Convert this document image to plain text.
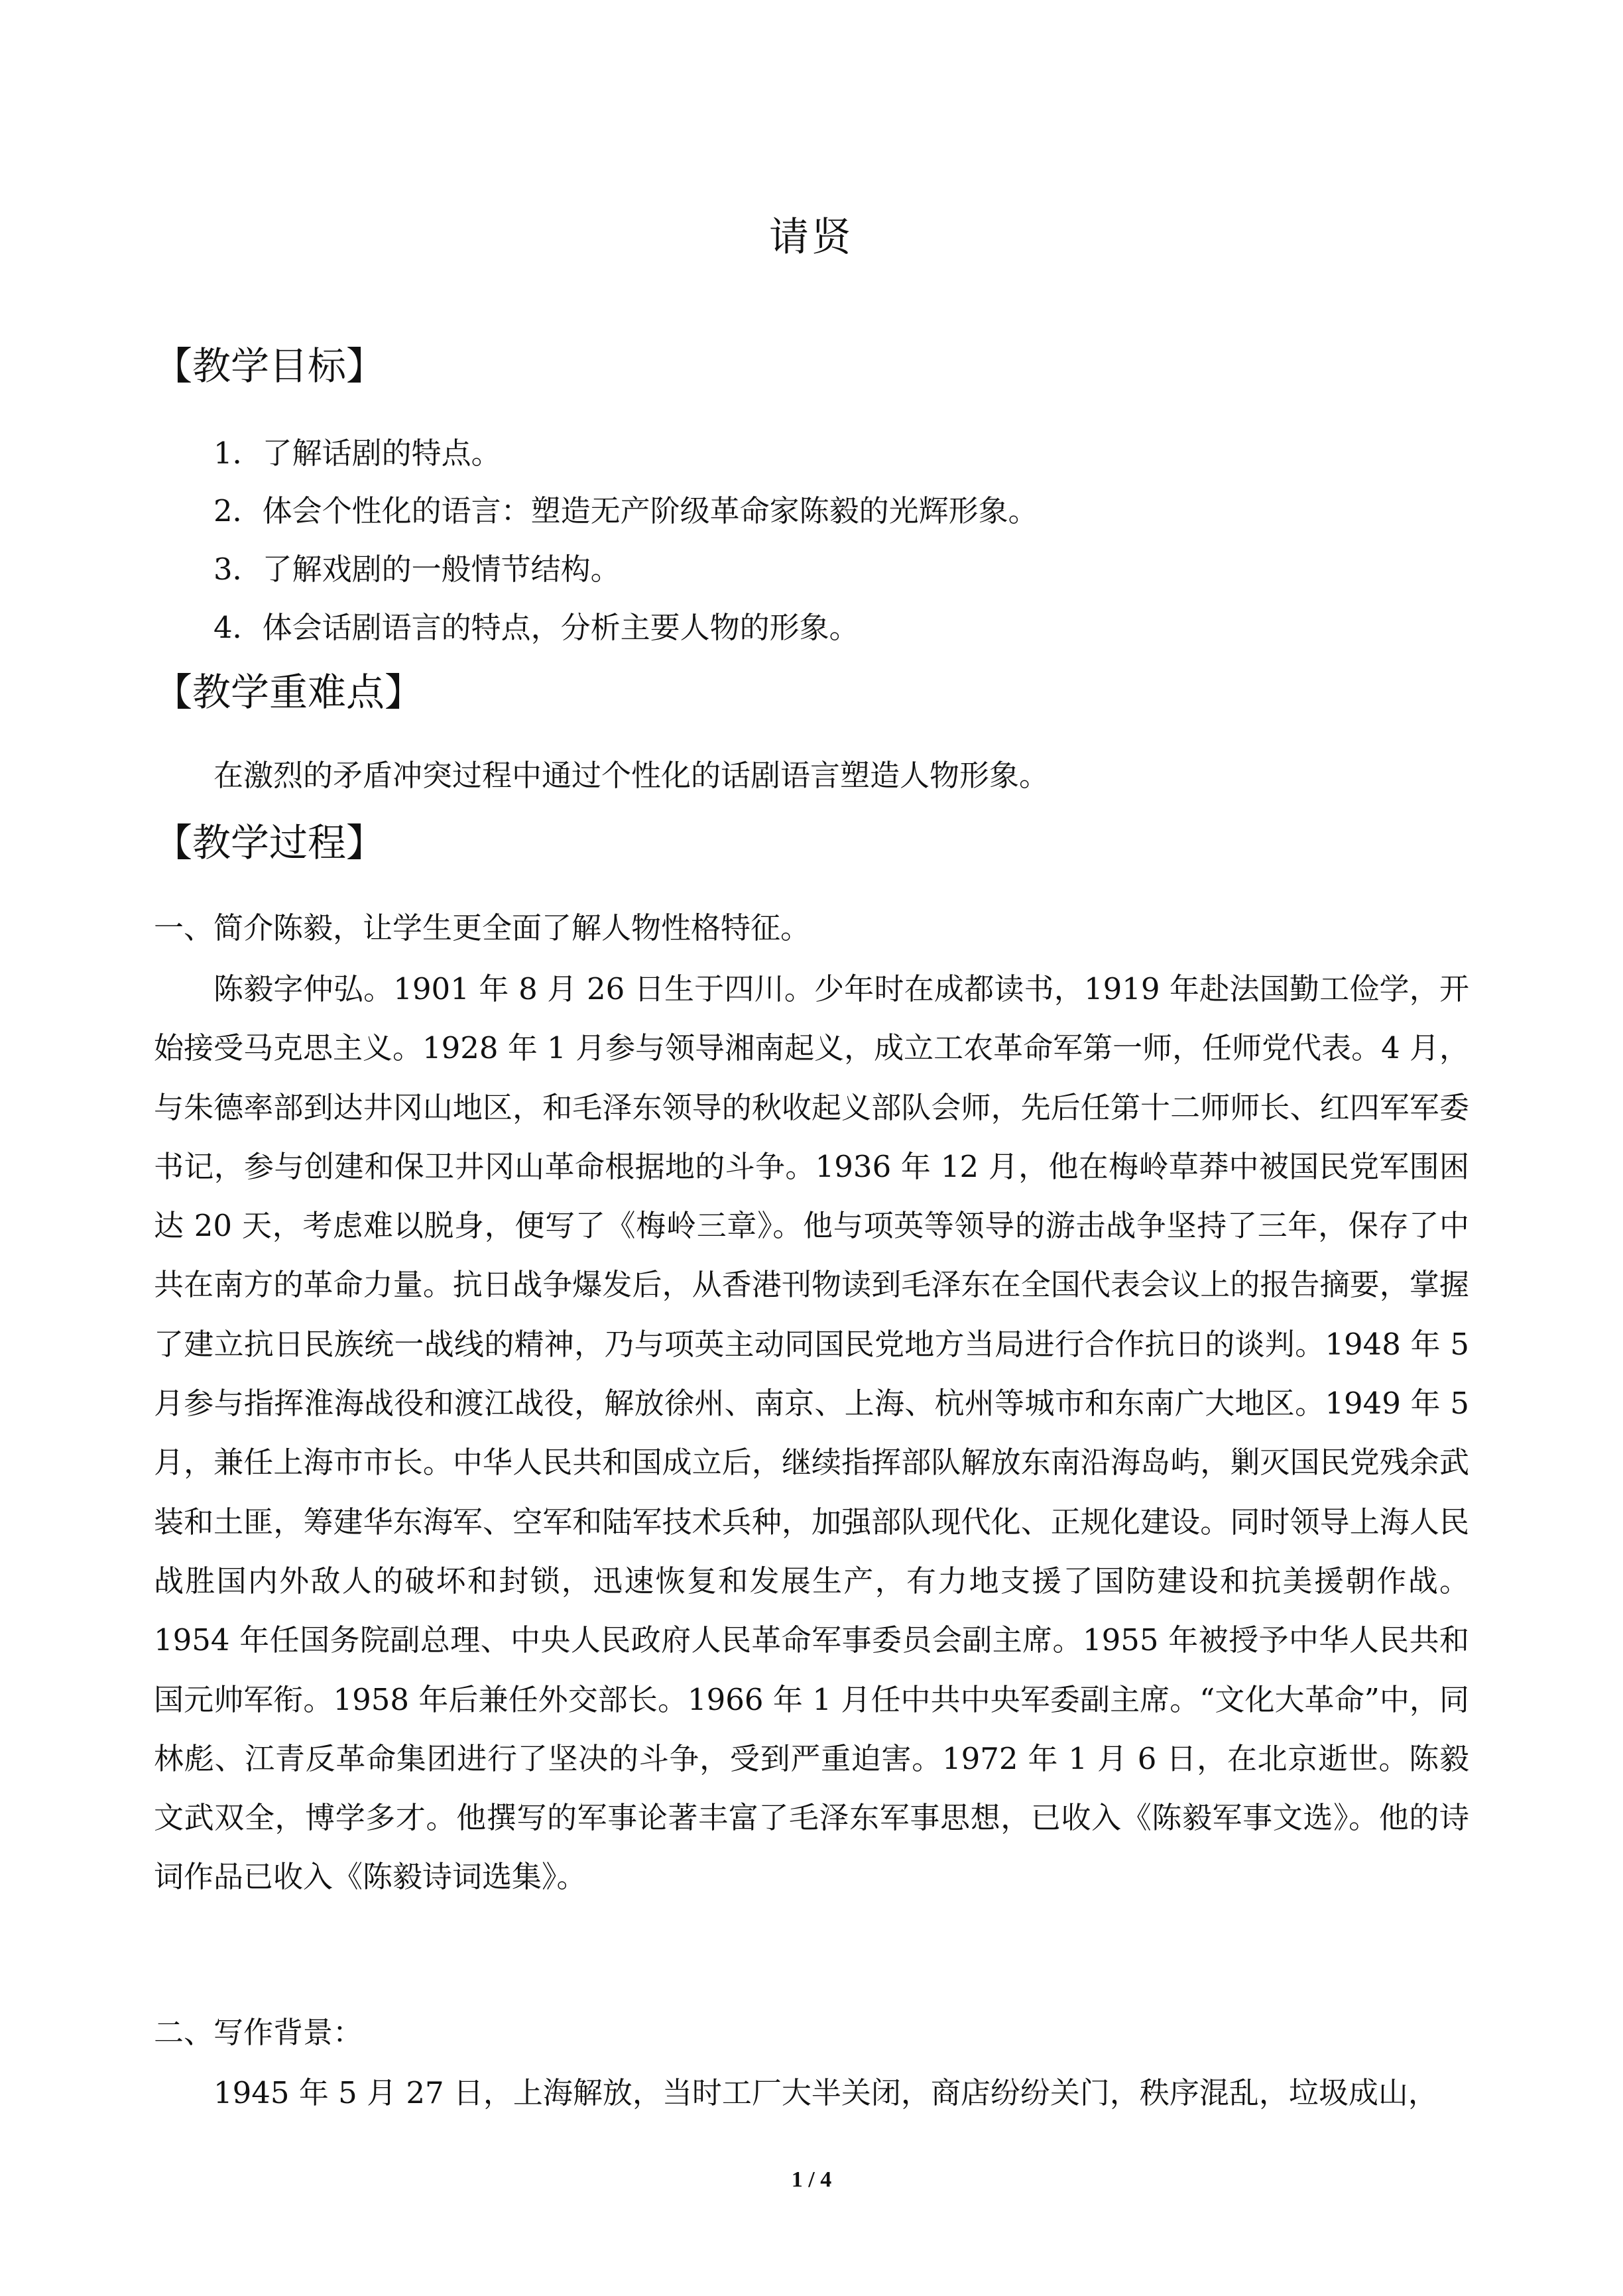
请贤
【教学目标】
1．了解话剧的特点。
2．体会个性化的语言：塑造无产阶级革命家陈毅的光辉形象。
3．了解戏剧的一般情节结构。
4．体会话剧语言的特点，分析主要人物的形象。
【教学重难点】
在激烈的矛盾冲突过程中通过个性化的话剧语言塑造人物形象。
【教学过程】
一、简介陈毅，让学生更全面了解人物性格特征。

陈毅字仲弘。1901 年 8 月 26 日生于四川。少年时在成都读书，1919 年赴法国勤工俭学，开始接受马克思主义。1928 年 1 月参与领导湘南起义，成立工农革命军第一师，任师党代表。4 月，与朱德率部到达井冈山地区，和毛泽东领导的秋收起义部队会师，先后任第十二师师长、红四军军委书记，参与创建和保卫井冈山革命根据地的斗争。1936 年 12 月，他在梅岭草莽中被国民党军围困达 20 天，考虑难以脱身，便写了《梅岭三章》。他与项英等领导的游击战争坚持了三年，保存了中共在南方的革命力量。抗日战争爆发后，从香港刊物读到毛泽东在全国代表会议上的报告摘要，掌握了建立抗日民族统一战线的精神，乃与项英主动同国民党地方当局进行合作抗日的谈判。1948 年 5 月参与指挥淮海战役和渡江战役，解放徐州、南京、上海、杭州等城市和东南广大地区。1949 年 5 月，兼任上海市市长。中华人民共和国成立后，继续指挥部队解放东南沿海岛屿，剿灭国民党残余武装和土匪，筹建华东海军、空军和陆军技术兵种，加强部队现代化、正规化建设。同时领导上海人民战胜国内外敌人的破坏和封锁，迅速恢复和发展生产，有力地支援了国防建设和抗美援朝作战。1954 年任国务院副总理、中央人民政府人民革命军事委员会副主席。1955 年被授予中华人民共和国元帅军衔。1958 年后兼任外交部长。1966 年 1 月任中共中央军委副主席。“文化大革命”中，同林彪、江青反革命集团进行了坚决的斗争，受到严重迫害。1972 年 1 月 6 日，在北京逝世。陈毅文武双全，博学多才。他撰写的军事论著丰富了毛泽东军事思想，已收入《陈毅军事文选》。他的诗词作品已收入《陈毅诗词选集》。

二、写作背景：

1945 年 5 月 27 日，上海解放，当时工厂大半关闭，商店纷纷关门，秩序混乱，垃圾成山，

1 / 4
